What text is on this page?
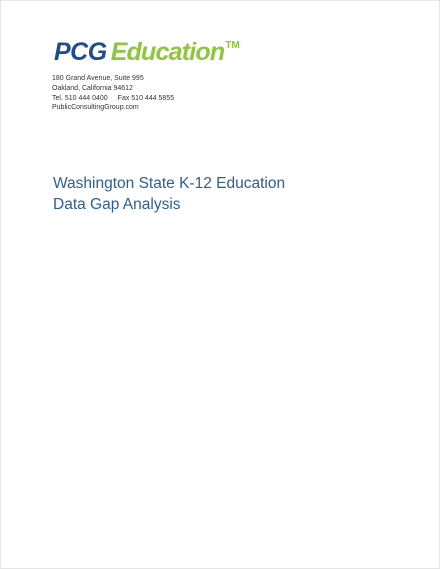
PCG Education™
180 Grand Avenue, Suite 995
Oakland, California 94612
Tel. 510 444 0400 Fax 510 444 5855
PublicConsultingGroup.com
Washington State K-12 Education
Data Gap Analysis
